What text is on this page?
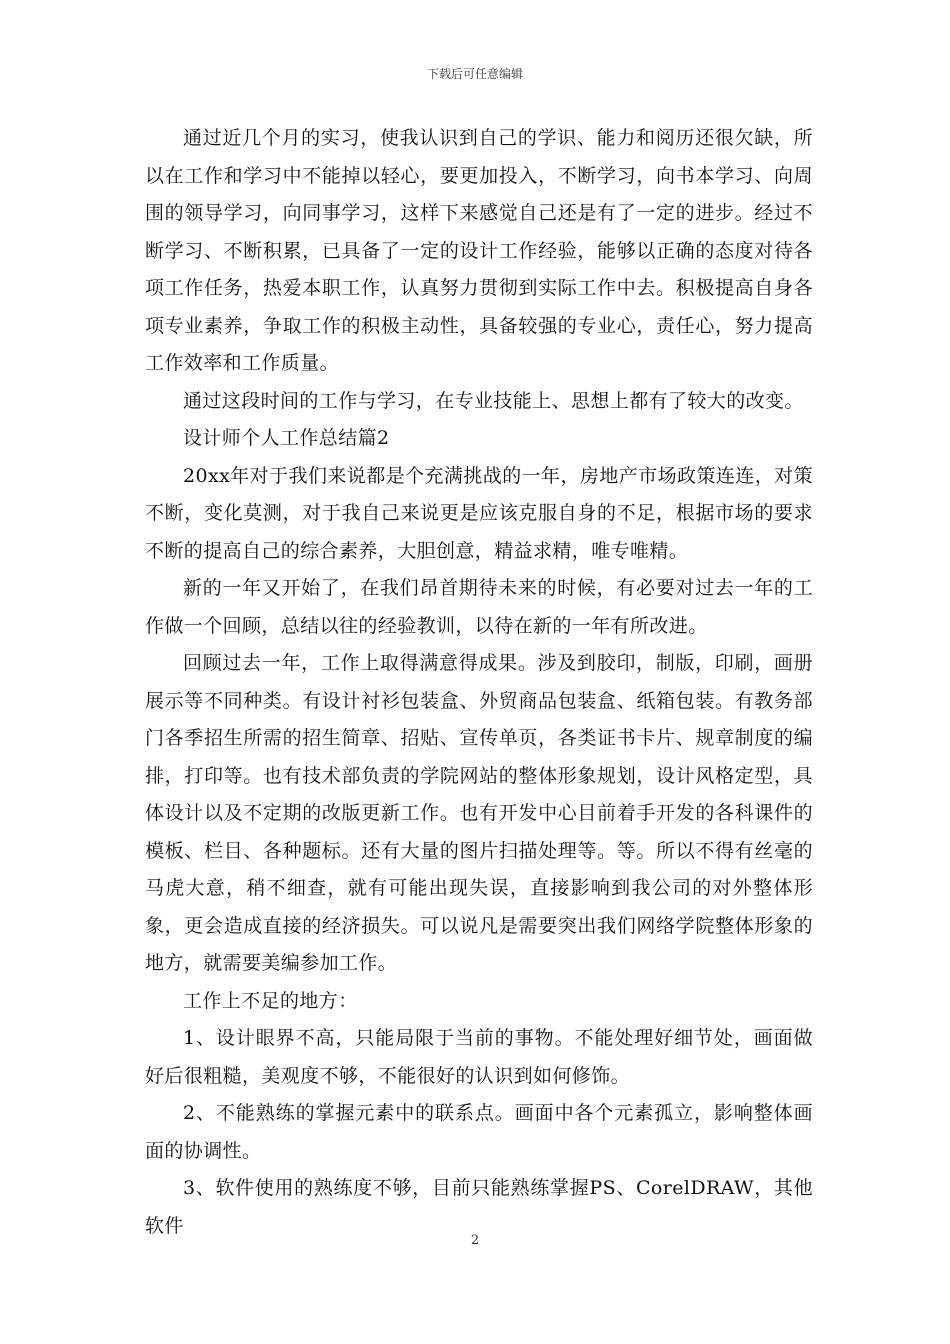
下载后可任意编辑

通过近几个月的实习，使我认识到自己的学识、能力和阅历还很欠缺，所以在工作和学习中不能掉以轻心，要更加投入，不断学习，向书本学习、向周围的领导学习，向同事学习，这样下来感觉自己还是有了一定的进步。经过不断学习、不断积累，已具备了一定的设计工作经验，能够以正确的态度对待各项工作任务，热爱本职工作，认真努力贯彻到实际工作中去。积极提高自身各项专业素养，争取工作的积极主动性，具备较强的专业心，责任心，努力提高工作效率和工作质量。

通过这段时间的工作与学习，在专业技能上、思想上都有了较大的改变。

设计师个人工作总结篇2

20xx年对于我们来说都是个充满挑战的一年，房地产市场政策连连，对策不断，变化莫测，对于我自己来说更是应该克服自身的不足，根据市场的要求不断的提高自己的综合素养，大胆创意，精益求精，唯专唯精。

新的一年又开始了，在我们昂首期待未来的时候，有必要对过去一年的工作做一个回顾，总结以往的经验教训，以待在新的一年有所改进。

回顾过去一年，工作上取得满意得成果。涉及到胶印，制版，印刷，画册展示等不同种类。有设计衬衫包装盒、外贸商品包装盒、纸箱包装。有教务部门各季招生所需的招生简章、招贴、宣传单页，各类证书卡片、规章制度的编排，打印等。也有技术部负责的学院网站的整体形象规划，设计风格定型，具体设计以及不定期的改版更新工作。也有开发中心目前着手开发的各科课件的模板、栏目、各种题标。还有大量的图片扫描处理等。等。所以不得有丝毫的马虎大意，稍不细查，就有可能出现失误，直接影响到我公司的对外整体形象，更会造成直接的经济损失。可以说凡是需要突出我们网络学院整体形象的地方，就需要美编参加工作。

工作上不足的地方：

1、设计眼界不高，只能局限于当前的事物。不能处理好细节处，画面做好后很粗糙，美观度不够，不能很好的认识到如何修饰。

2、不能熟练的掌握元素中的联系点。画面中各个元素孤立，影响整体画面的协调性。

3、软件使用的熟练度不够，目前只能熟练掌握PS、CorelDRAW，其他软件

2
